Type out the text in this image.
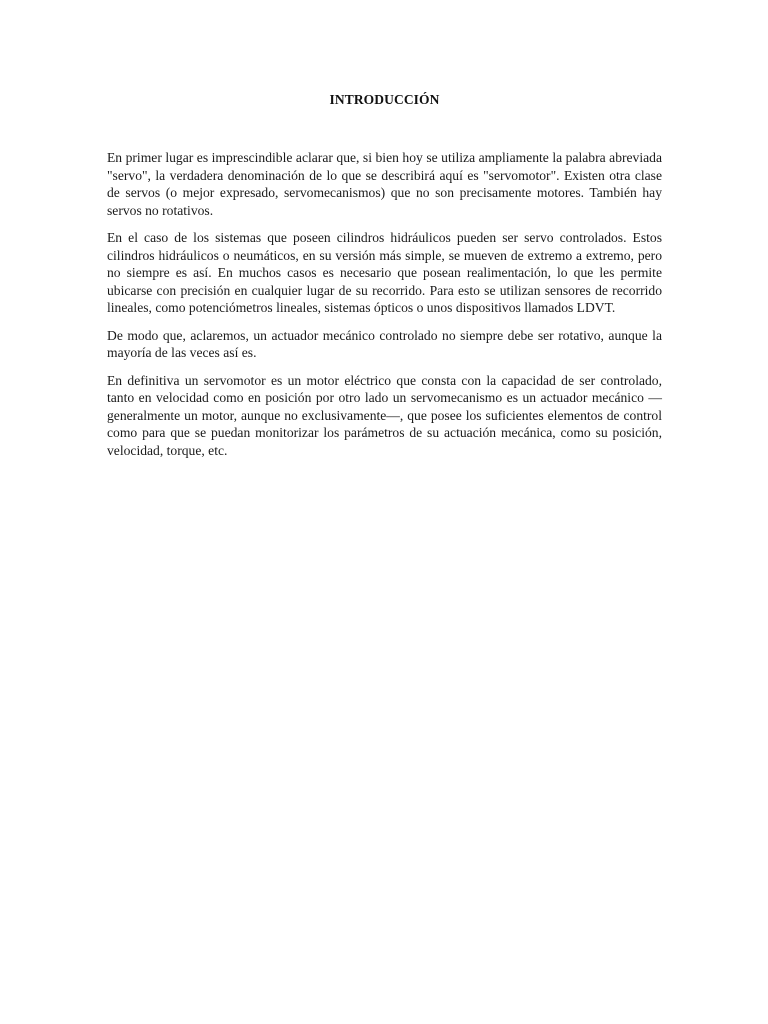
INTRODUCCIÓN

En primer lugar es imprescindible aclarar que, si bien hoy se utiliza ampliamente la palabra abreviada "servo", la verdadera denominación de lo que se describirá aquí es "servomotor". Existen otra clase de servos (o mejor expresado, servomecanismos) que no son precisamente motores. También hay servos no rotativos.

En el caso de los sistemas que poseen cilindros hidráulicos pueden ser servo controlados. Estos cilindros hidráulicos o neumáticos, en su versión más simple, se mueven de extremo a extremo, pero no siempre es así. En muchos casos es necesario que posean realimentación, lo que les permite ubicarse con precisión en cualquier lugar de su recorrido. Para esto se utilizan sensores de recorrido lineales, como potenciómetros lineales, sistemas ópticos o unos dispositivos llamados LDVT.

De modo que, aclaremos, un actuador mecánico controlado no siempre debe ser rotativo, aunque la mayoría de las veces así es.

En definitiva un servomotor es un motor eléctrico que consta con la capacidad de ser controlado, tanto en velocidad como en posición por otro lado un servomecanismo es un actuador mecánico — generalmente un motor, aunque no exclusivamente—, que posee los suficientes elementos de control como para que se puedan monitorizar los parámetros de su actuación mecánica, como su posición, velocidad, torque, etc.
